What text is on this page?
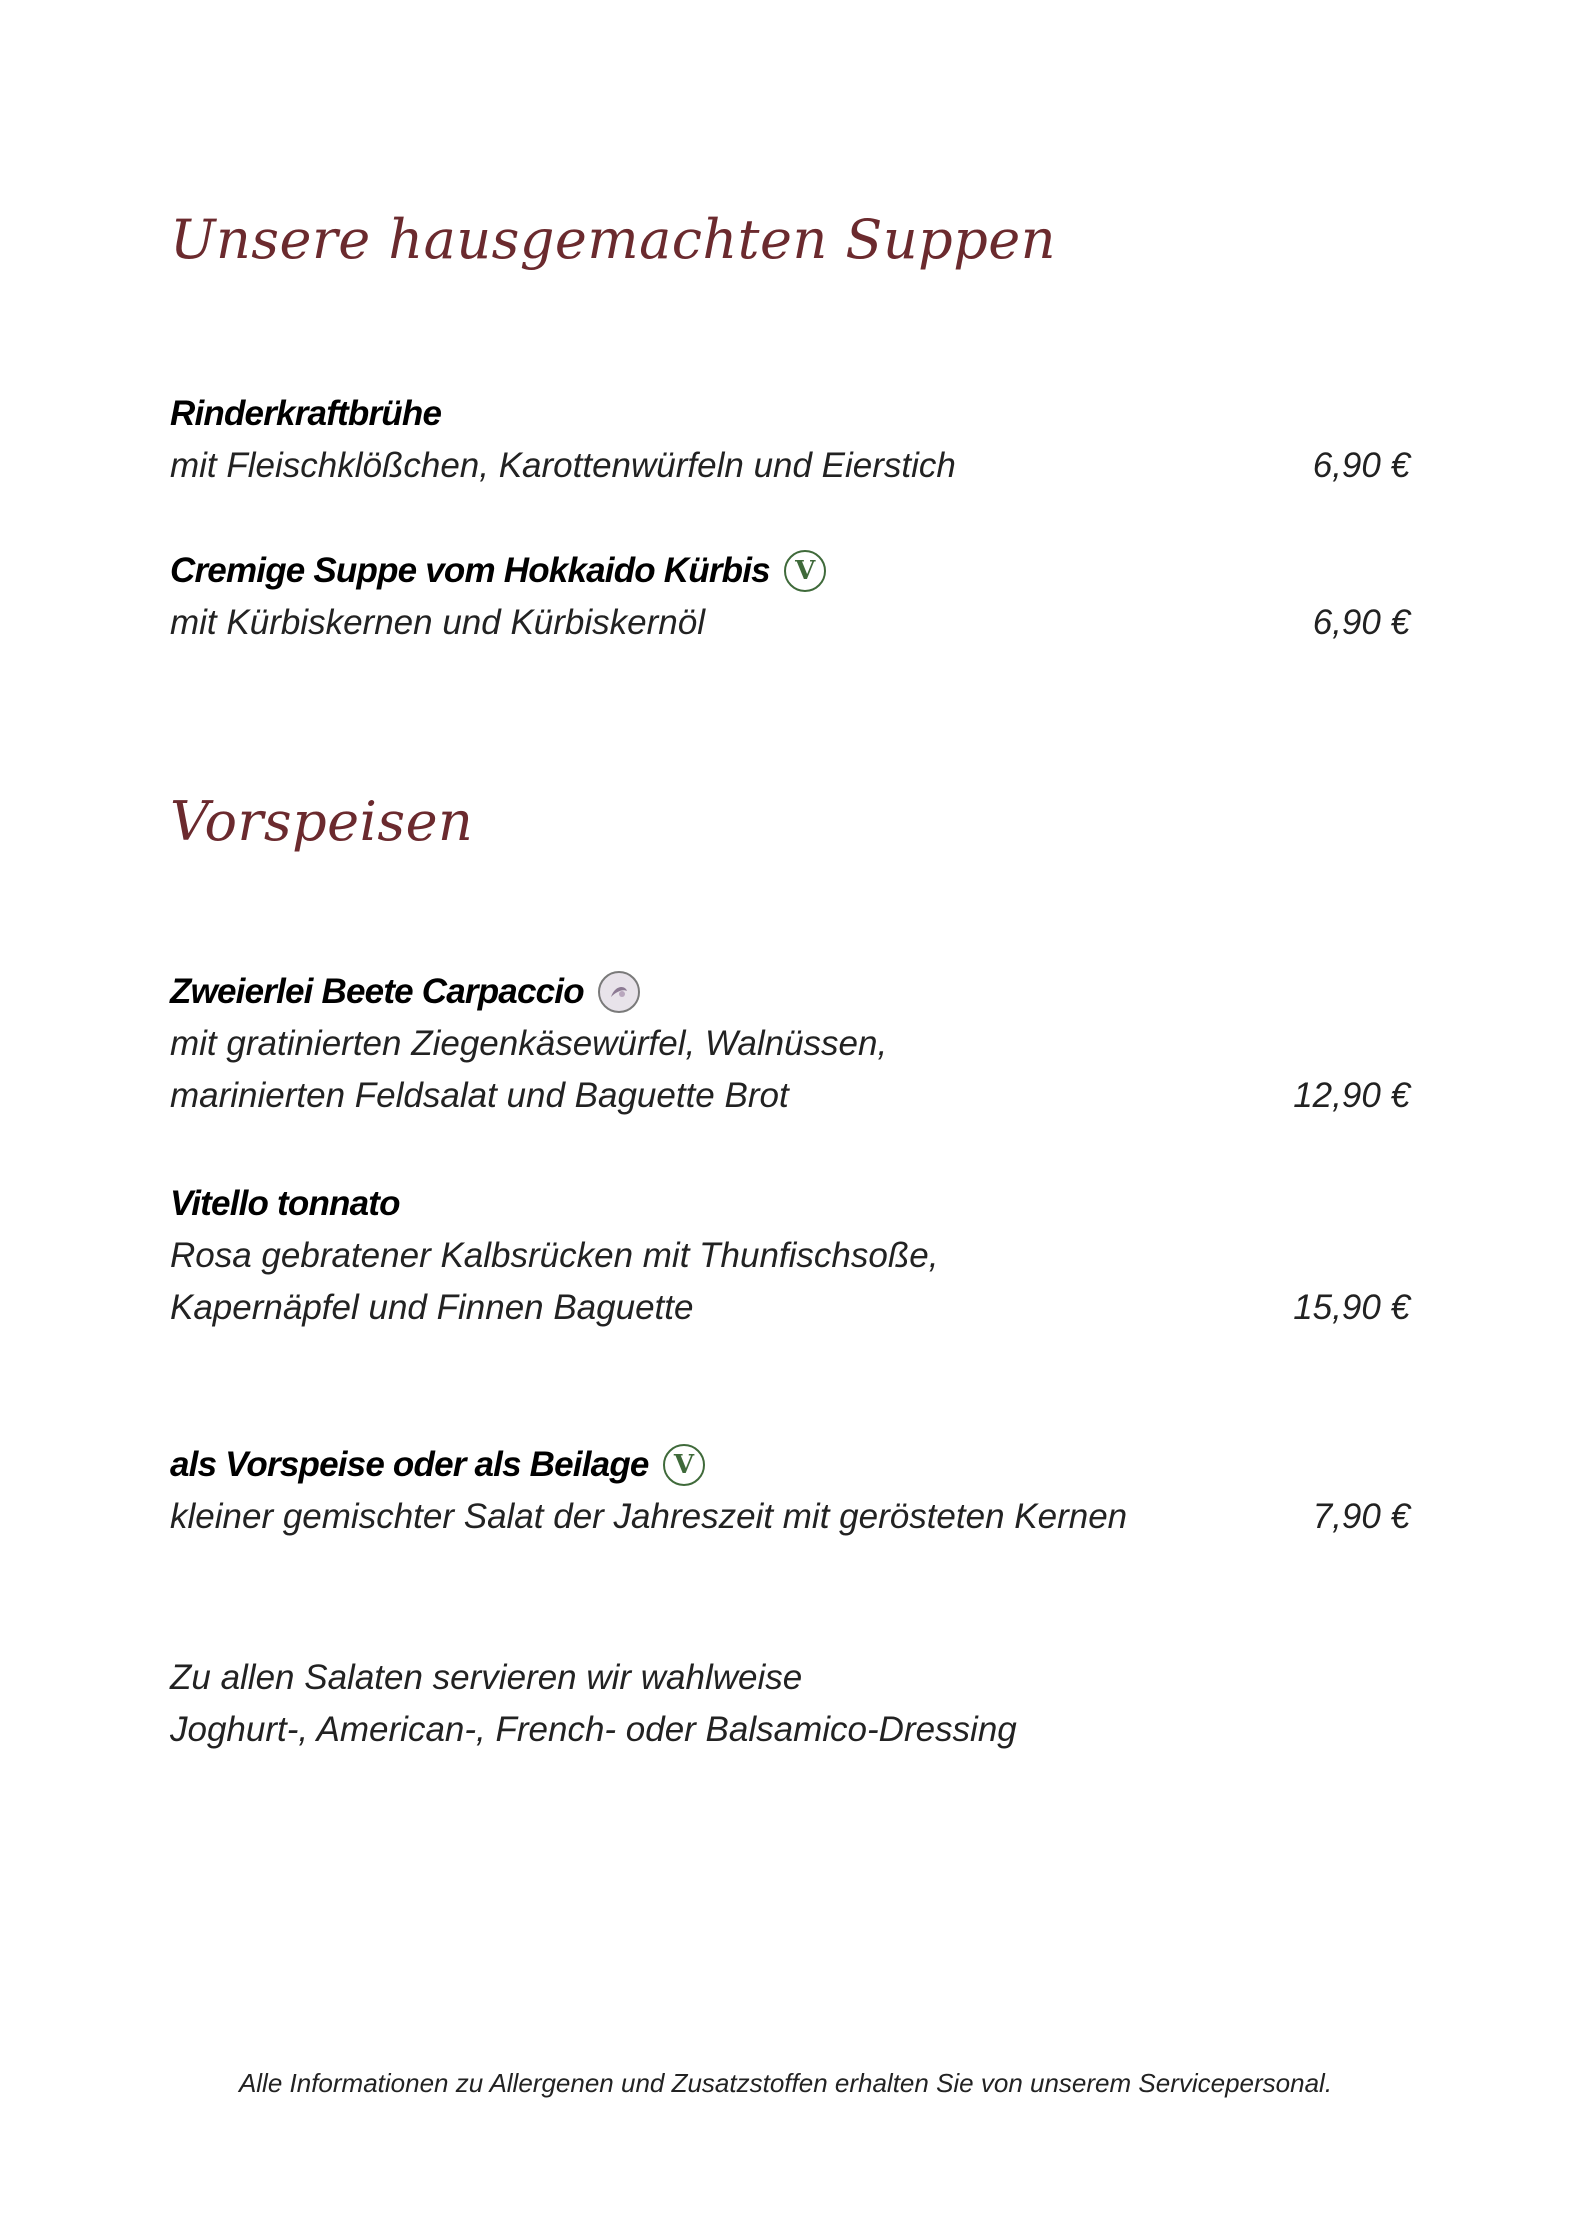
Unsere hausgemachten Suppen
Rinderkraftbrühe
mit Fleischklößchen, Karottenwürfeln und Eierstich	6,90 €
Cremige Suppe vom Hokkaido Kürbis V
mit Kürbiskernen und Kürbiskernöl	6,90 €
Vorspeisen
Zweierlei Beete Carpaccio
mit gratinierten Ziegenkäsewürfel, Walnüssen,
marinierten Feldsalat und Baguette Brot	12,90 €
Vitello tonnato
Rosa gebratener Kalbsrücken mit Thunfischsoße,
Kapernäpfel und Finnen Baguette	15,90 €
als Vorspeise oder als Beilage V
kleiner gemischter Salat der Jahreszeit mit gerösteten Kernen	7,90 €
Zu allen Salaten servieren wir wahlweise
Joghurt-, American-, French- oder Balsamico-Dressing
Alle Informationen zu Allergenen und Zusatzstoffen erhalten Sie von unserem Servicepersonal.
